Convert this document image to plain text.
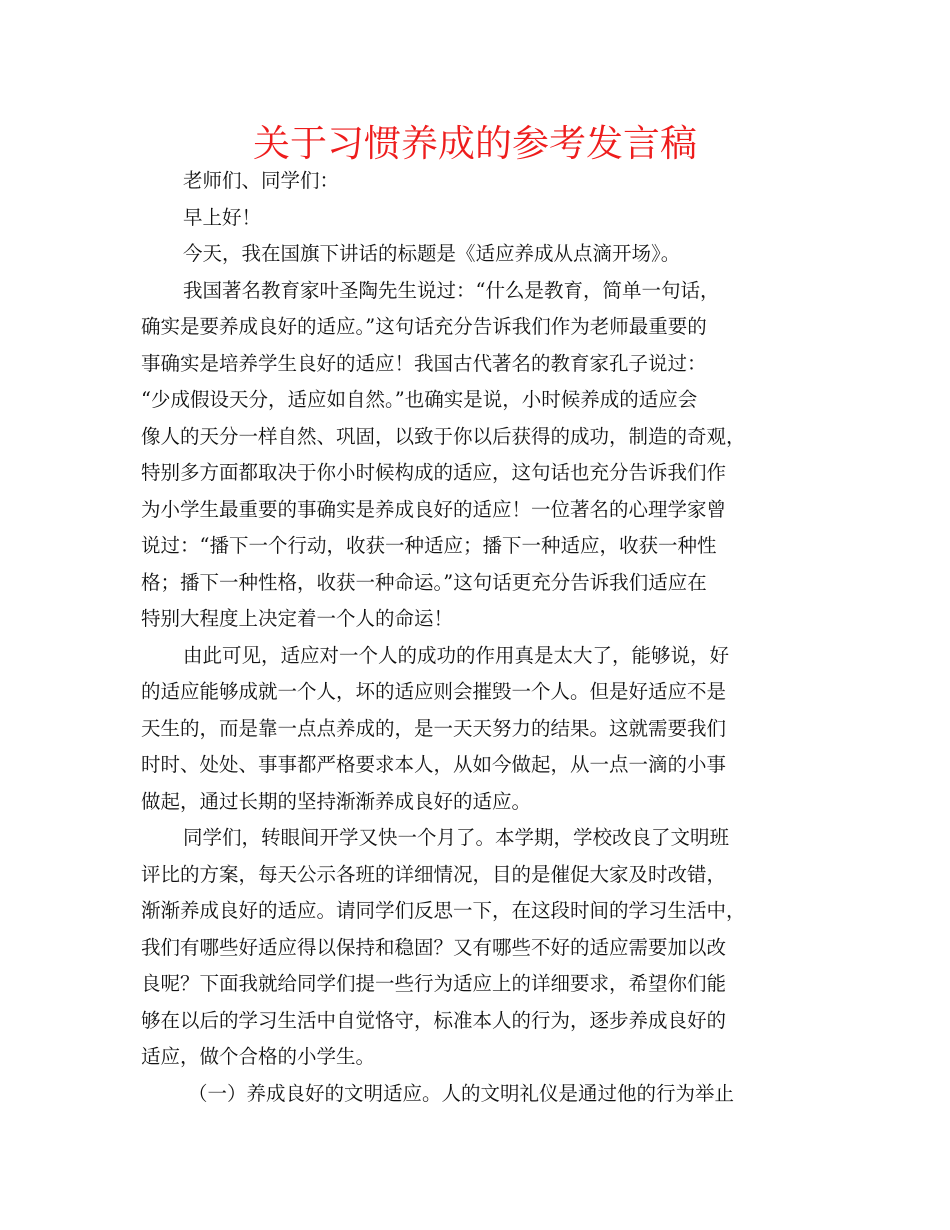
关于习惯养成的参考发言稿
老师们、同学们：
早上好！
今天，我在国旗下讲话的标题是《适应养成从点滴开场》。
我国著名教育家叶圣陶先生说过：“什么是教育，简单一句话，
确实是要养成良好的适应。”这句话充分告诉我们作为老师最重要的
事确实是培养学生良好的适应！我国古代著名的教育家孔子说过：
“少成假设天分，适应如自然。”也确实是说，小时候养成的适应会
像人的天分一样自然、巩固，以致于你以后获得的成功，制造的奇观，
特别多方面都取决于你小时候构成的适应，这句话也充分告诉我们作
为小学生最重要的事确实是养成良好的适应！一位著名的心理学家曾
说过：“播下一个行动，收获一种适应；播下一种适应，收获一种性
格；播下一种性格，收获一种命运。”这句话更充分告诉我们适应在
特别大程度上决定着一个人的命运！
由此可见，适应对一个人的成功的作用真是太大了，能够说，好
的适应能够成就一个人，坏的适应则会摧毁一个人。但是好适应不是
天生的，而是靠一点点养成的，是一天天努力的结果。这就需要我们
时时、处处、事事都严格要求本人，从如今做起，从一点一滴的小事
做起，通过长期的坚持渐渐养成良好的适应。
同学们，转眼间开学又快一个月了。本学期，学校改良了文明班
评比的方案，每天公示各班的详细情况，目的是催促大家及时改错，
渐渐养成良好的适应。请同学们反思一下，在这段时间的学习生活中，
我们有哪些好适应得以保持和稳固？又有哪些不好的适应需要加以改
良呢？下面我就给同学们提一些行为适应上的详细要求，希望你们能
够在以后的学习生活中自觉恪守，标准本人的行为，逐步养成良好的
适应，做个合格的小学生。
（一）养成良好的文明适应。人的文明礼仪是通过他的行为举止
